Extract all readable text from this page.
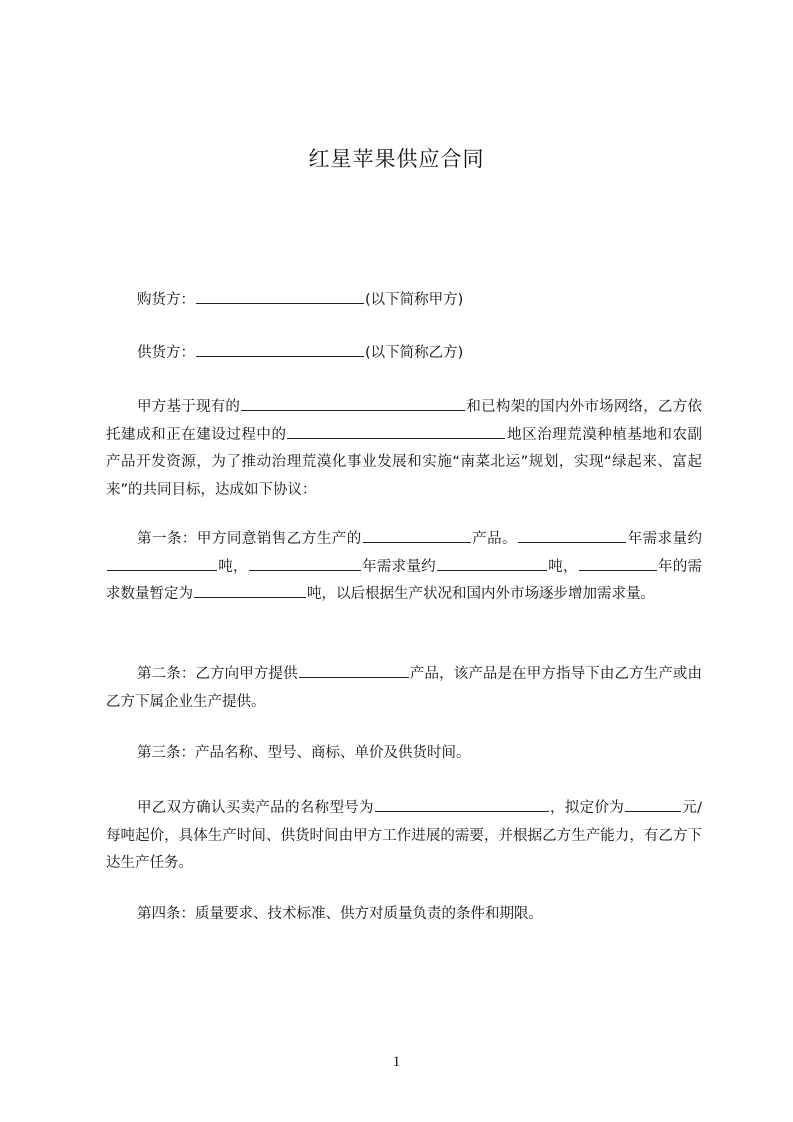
红星苹果供应合同

购货方：	(以下简称甲方)

供货方：	(以下简称乙方)

甲方基于现有的	和已构架的国内外市场网络，乙方依托建成和正在建设过程中的	地区治理荒漠种植基地和农副产品开发资源，为了推动治理荒漠化事业发展和实施“南菜北运”规划，实现“绿起来、富起来”的共同目标，达成如下协议：

第一条：甲方同意销售乙方生产的	产品。	年需求量约吨，	年需求量约	吨，	年的需求数量暂定为	吨，以后根据生产状况和国内外市场逐步增加需求量。

第二条：乙方向甲方提供	产品，该产品是在甲方指导下由乙方生产或由乙方下属企业生产提供。

第三条：产品名称、型号、商标、单价及供货时间。

甲乙双方确认买卖产品的名称型号为	，拟定价为	元/每吨起价，具体生产时间、供货时间由甲方工作进展的需要，并根据乙方生产能力，有乙方下达生产任务。

第四条：质量要求、技术标准、供方对质量负责的条件和期限。

1
